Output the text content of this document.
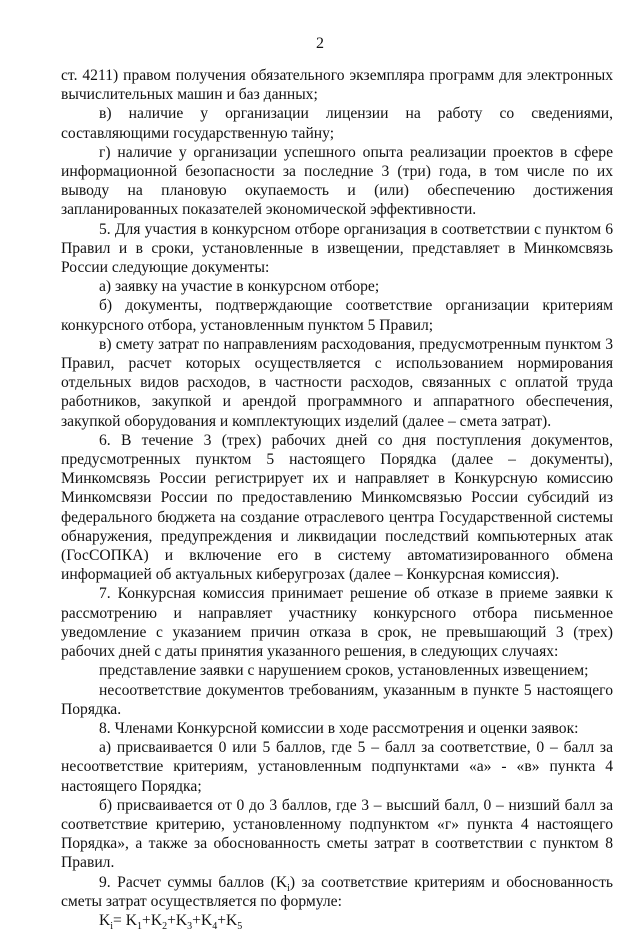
2

ст. 4211) правом получения обязательного экземпляра программ для электронных вычислительных машин и баз данных;

в) наличие у организации лицензии на работу со сведениями, составляющими государственную тайну;

г) наличие у организации успешного опыта реализации проектов в сфере информационной безопасности за последние 3 (три) года, в том числе по их выводу на плановую окупаемость и (или) обеспечению достижения запланированных показателей экономической эффективности.

5. Для участия в конкурсном отборе организация в соответствии с пунктом 6 Правил и в сроки, установленные в извещении, представляет в Минкомсвязь России следующие документы:

а) заявку на участие в конкурсном отборе;

б) документы, подтверждающие соответствие организации критериям конкурсного отбора, установленным пунктом 5 Правил;

в) смету затрат по направлениям расходования, предусмотренным пунктом 3 Правил, расчет которых осуществляется с использованием нормирования отдельных видов расходов, в частности расходов, связанных с оплатой труда работников, закупкой и арендой программного и аппаратного обеспечения, закупкой оборудования и комплектующих изделий (далее – смета затрат).

6. В течение 3 (трех) рабочих дней со дня поступления документов, предусмотренных пунктом 5 настоящего Порядка (далее – документы), Минкомсвязь России регистрирует их и направляет в Конкурсную комиссию Минкомсвязи России по предоставлению Минкомсвязью России субсидий из федерального бюджета на создание отраслевого центра Государственной системы обнаружения, предупреждения и ликвидации последствий компьютерных атак (ГосСОПКА) и включение его в систему автоматизированного обмена информацией об актуальных киберугрозах (далее – Конкурсная комиссия).

7. Конкурсная комиссия принимает решение об отказе в приеме заявки к рассмотрению и направляет участнику конкурсного отбора письменное уведомление с указанием причин отказа в срок, не превышающий 3 (трех) рабочих дней с даты принятия указанного решения, в следующих случаях:

представление заявки с нарушением сроков, установленных извещением;

несоответствие документов требованиям, указанным в пункте 5 настоящего Порядка.

8. Членами Конкурсной комиссии в ходе рассмотрения и оценки заявок:

а) присваивается 0 или 5 баллов, где 5 – балл за соответствие, 0 – балл за несоответствие критериям, установленным подпунктами «а» - «в» пункта 4 настоящего Порядка;

б) присваивается от 0 до 3 баллов, где 3 – высший балл, 0 – низший балл за соответствие критерию, установленному подпунктом «г» пункта 4 настоящего Порядка», а также за обоснованность сметы затрат в соответствии с пунктом 8 Правил.

9. Расчет суммы баллов $(K_i)$ за соответствие критериям и обоснованность сметы затрат осуществляется по формуле:

$K_i= K_1+K_2+K_3+K_4+K_5$
